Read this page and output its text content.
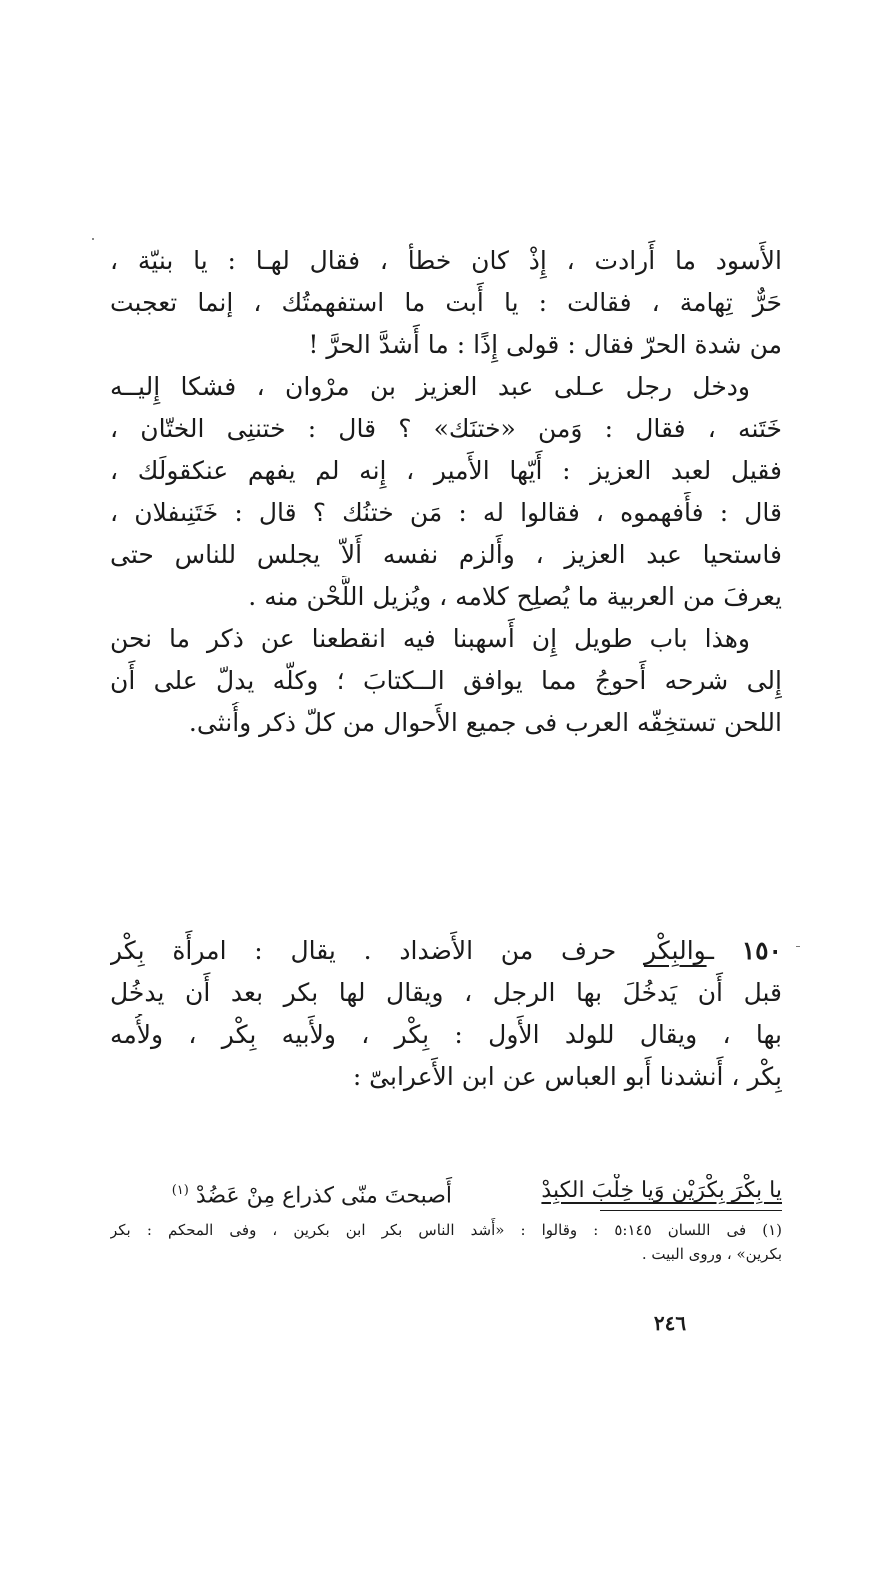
الأَسود ما أَرادت ، إِذْ كان خطأ ، فقال لهـا : يا بنيّة ،
حَرٌّ تِهامة ، فقالت : يا أَبت ما استفهمتُك ، إنما تعجبت
من شدة الحرّ فقال : قولى إِذًا : ما أَشدَّ الحرَّ !
ودخل رجل عـلى عبد العزيز بن مرْوان ، فشكا إِليــه
خَتَنه ، فقال : وَمن «ختنَك» ؟ قال : ختننِى الختّان ،
فقيل لعبد العزيز : أَيّها الأَمير ، إِنه لم يفهم عنكقولَك ،
قال : فأَفهموه ، فقالوا له : مَن ختنُك ؟ قال : خَتَنِىفلان ،
فاستحيا عبد العزيز ، وأَلزم نفسه أَلاّ يجلس للناس حتى
يعرفَ من العربية ما يُصلِح كلامه ، ويُزيل اللَّحْن منه .
وهذا باب طويل إِن أَسهبنا فيه انقطعنا عن ذكر ما نحن
إِلى شرحه أَحوجُ مما يوافق الــكتابَ ؛ وكلّه يدلّ على أَن
اللحن تستخِفّه العرب فى جميع الأَحوال من كلّ ذكر وأُنثى.
١٥٠ ـوالبِكْر حرف من الأَضداد . يقال : امرأَة بِكْر
قبل أَن يَدخُلَ بها الرجل ، ويقال لها بكر بعد أَن يدخُل
بها ، ويقال للولد الأَول : بِكْر ، ولأَبيه بِكْر ، ولأُمه
بِكْر ، أَنشدنا أَبو العباس عن ابن الأَعرابىّ :
يا بِكْرَ بِكْرَيْن وَيا خِلْبَ الكبِدْ
أَصبحتَ منّى كذراعٍ مِنْ عَضُدْ $^{(١)}$
(١) فى اللسان ٥:١٤٥ : وقالوا : «أَشد الناس بكر ابن بكرين ، وفى المحكم : بكر
بكرين» ، وروى البيت .
٢٤٦
